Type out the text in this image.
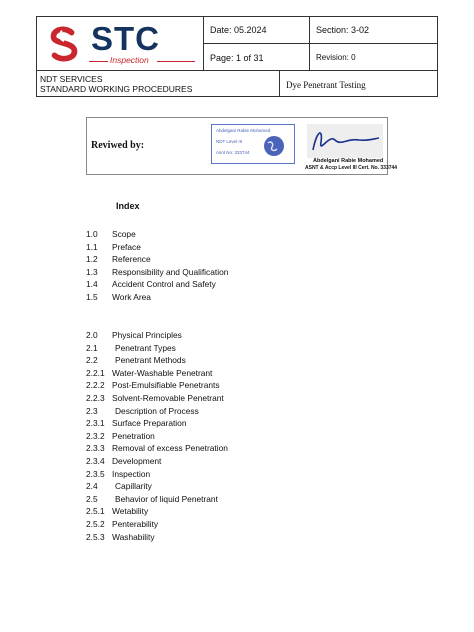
STC
Inspection
Date: 05.2024	Section: 3-02
Page: 1 of 31	Revision: 0
NDT SERVICES
STANDARD WORKING PROCEDURES	Dye Penetrant Testing
Reviwed by:
Abdelgani Rabie Mohamed
NDT Level III
Asnt No: 333744
Abdelgani Rabie Mohamed
ASNT & Accp Level III Cert. No. 333744
Index
1.0 Scope
1.1 Preface
1.2 Reference
1.3 Responsibility and Qualification
1.4 Accident Control and Safety
1.5 Work Area
2.0 Physical Principles
2.1 Penetrant Types
2.2 Penetrant Methods
2.2.1 Water-Washable Penetrant
2.2.2 Post-Emulsifiable Penetrants
2.2.3 Solvent-Removable Penetrant
2.3 Description of Process
2.3.1 Surface Preparation
2.3.2 Penetration
2.3.3 Removal of excess Penetration
2.3.4 Development
2.3.5 Inspection
2.4 Capillarity
2.5 Behavior of liquid Penetrant
2.5.1 Wetability
2.5.2 Penterability
2.5.3 Washability
